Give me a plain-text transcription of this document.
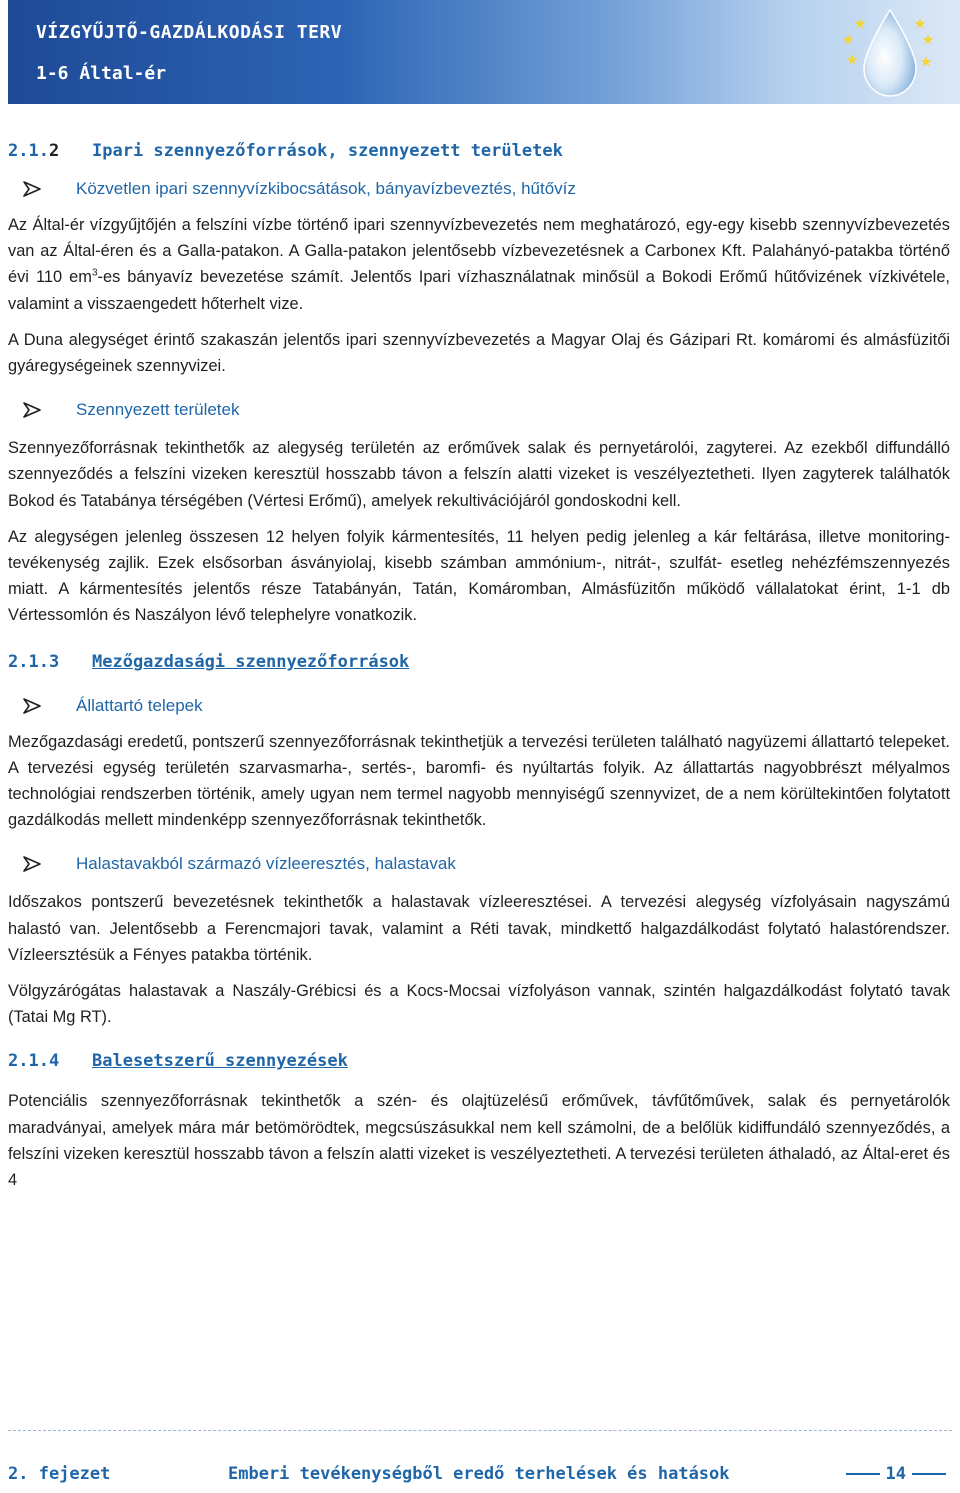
VÍZGYŰJTŐ-GAZDÁLKODÁSI TERV
1-6 Által-ér
2.1.2	Ipari szennyezőforrások, szennyezett területek
Közvetlen ipari szennyvízkibocsátások, bányavízbeveztés, hűtővíz

Az Által-ér vízgyűjtőjén a felszíni vízbe történő ipari szennyvízbevezetés nem meghatározó, egy-egy kisebb szennyvízbevezetés van az Által-éren és a Galla-patakon. A Galla-patakon jelentősebb vízbevezetésnek a Carbonex Kft. Palahányó-patakba történő évi 110 $em^3-es$ bányavíz bevezetése számít. Jelentős Ipari vízhasználatnak minősül a Bokodi Erőmű hűtővizének vízkivétele, valamint a visszaengedett hőterhelt vize.

A Duna alegységet érintő szakaszán jelentős ipari szennyvízbevezetés a Magyar Olaj és Gázipari Rt. komáromi és almásfüzitői gyáregységeinek szennyvizei.

Szennyezett területek

Szennyezőforrásnak tekinthetők az alegység területén az erőművek salak és pernyetárolói, zagyterei. Az ezekből diffundálló szennyeződés a felszíni vizeken keresztül hosszabb távon a felszín alatti vizeket is veszélyeztetheti. Ilyen zagyterek találhatók Bokod és Tatabánya térségében (Vértesi Erőmű), amelyek rekultivációjáról gondoskodni kell.

Az alegységen jelenleg összesen 12 helyen folyik kármentesítés, 11 helyen pedig jelenleg a kár feltárása, illetve monitoring-tevékenység zajlik. Ezek elsősorban ásványiolaj, kisebb számban ammónium-, nitrát-, szulfát- esetleg nehézfémszennyezés miatt. A kármentesítés jelentős része Tatabányán, Tatán, Komáromban, Almásfüzitőn működő vállalatokat érint, 1-1 db Vértessomlón és Naszályon lévő telephelyre vonatkozik.

2.1.3	Mezőgazdasági szennyezőforrások
Állattartó telepek

Mezőgazdasági eredetű, pontszerű szennyezőforrásnak tekinthetjük a tervezési területen található nagyüzemi állattartó telepeket. A tervezési egység területén szarvasmarha-, sertés-, baromfi- és nyúltartás folyik. Az állattartás nagyobbrészt mélyalmos technológiai rendszerben történik, amely ugyan nem termel nagyobb mennyiségű szennyvizet, de a nem körültekintően folytatott gazdálkodás mellett mindenképp szennyezőforrásnak tekinthetők.

Halastavakból származó vízleeresztés, halastavak

Időszakos pontszerű bevezetésnek tekinthetők a halastavak vízleeresztései. A tervezési alegység vízfolyásain nagyszámú halastó van. Jelentősebb a Ferencmajori tavak, valamint a Réti tavak, mindkettő halgazdálkodást folytató halastórendszer. Vízleersztésük a Fényes patakba történik.

Völgyzárógátas halastavak a Naszály-Grébicsi és a Kocs-Mocsai vízfolyáson vannak, szintén halgazdálkodást folytató tavak (Tatai Mg RT).

2.1.4	Balesetszerű szennyezések

Potenciális szennyezőforrásnak tekinthetők a szén- és olajtüzelésű erőművek, távfűtőművek, salak és pernyetárolók maradványai, amelyek mára már betömörödtek, megcsúszásukkal nem kell számolni, de a belőlük kidiffundáló szennyeződés, a felszíni vizeken keresztül hosszabb távon a felszín alatti vizeket is veszélyeztetheti. A tervezési területen áthaladó, az Által-eret és 4

2. fejezet	Emberi tevékenységből eredő terhelések és hatások	14
